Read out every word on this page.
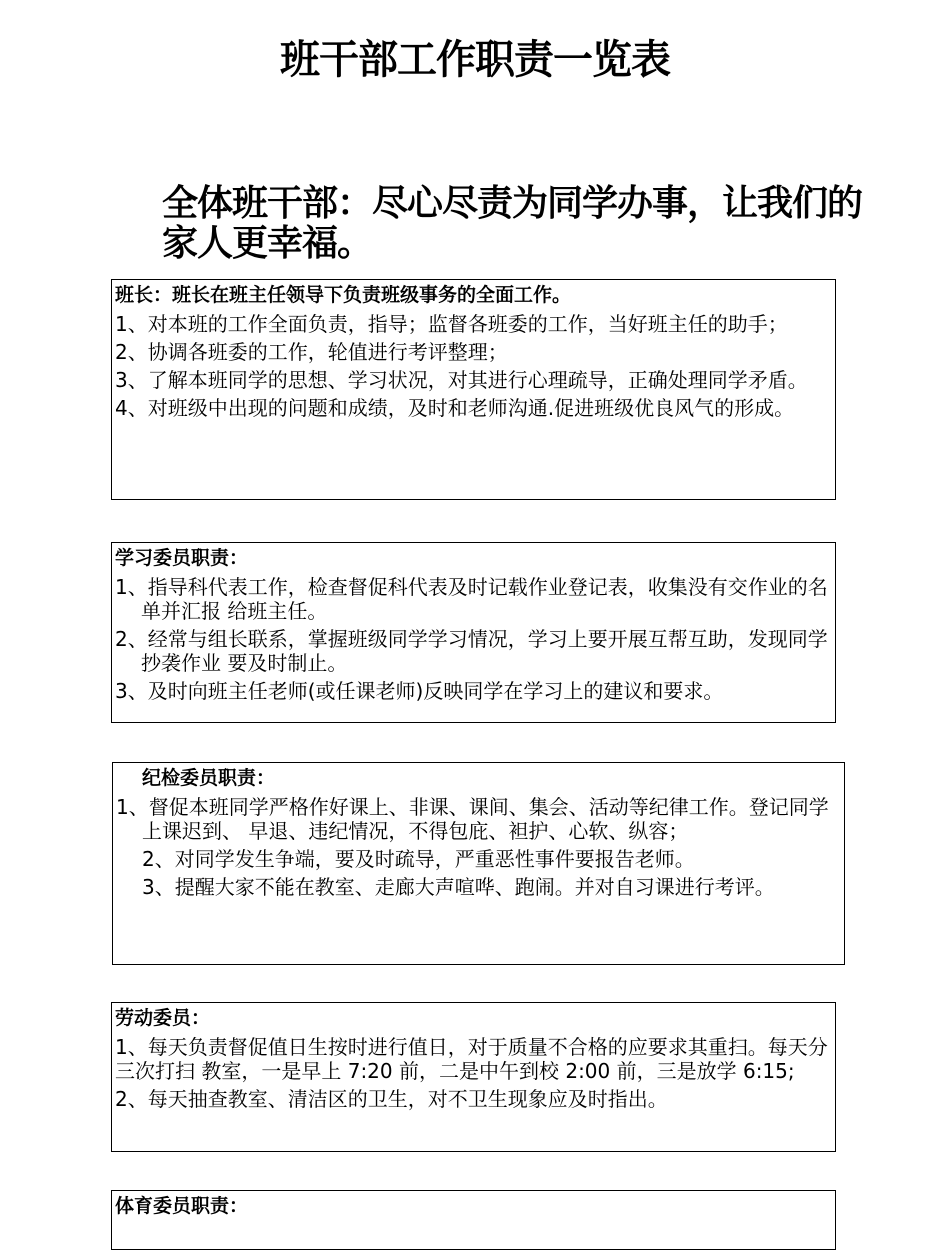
班干部工作职责一览表
全体班干部：尽心尽责为同学办事，让我们的家人更幸福。

班长：班长在班主任领导下负责班级事务的全面工作。

1、对本班的工作全面负责，指导；监督各班委的工作，当好班主任的助手；

2、协调各班委的工作，轮值进行考评整理；

3、了解本班同学的思想、学习状况，对其进行心理疏导，正确处理同学矛盾。

4、对班级中出现的问题和成绩，及时和老师沟通.促进班级优良风气的形成。

学习委员职责：

1、指导科代表工作，检查督促科代表及时记载作业登记表，收集没有交作业的名单并汇报 给班主任。

2、经常与组长联系，掌握班级同学学习情况，学习上要开展互帮互助，发现同学抄袭作业 要及时制止。

3、及时向班主任老师(或任课老师)反映同学在学习上的建议和要求。

纪检委员职责：

1、督促本班同学严格作好课上、非课、课间、集会、活动等纪律工作。登记同学上课迟到、 早退、违纪情况，不得包庇、袒护、心软、纵容；

2、对同学发生争端，要及时疏导，严重恶性事件要报告老师。

3、提醒大家不能在教室、走廊大声喧哗、跑闹。并对自习课进行考评。

劳动委员：

1、每天负责督促值日生按时进行值日，对于质量不合格的应要求其重扫。每天分三次打扫 教室，一是早上 7:20 前，二是中午到校 2:00 前，三是放学 6:15;

2、每天抽查教室、清洁区的卫生，对不卫生现象应及时指出。

体育委员职责：
